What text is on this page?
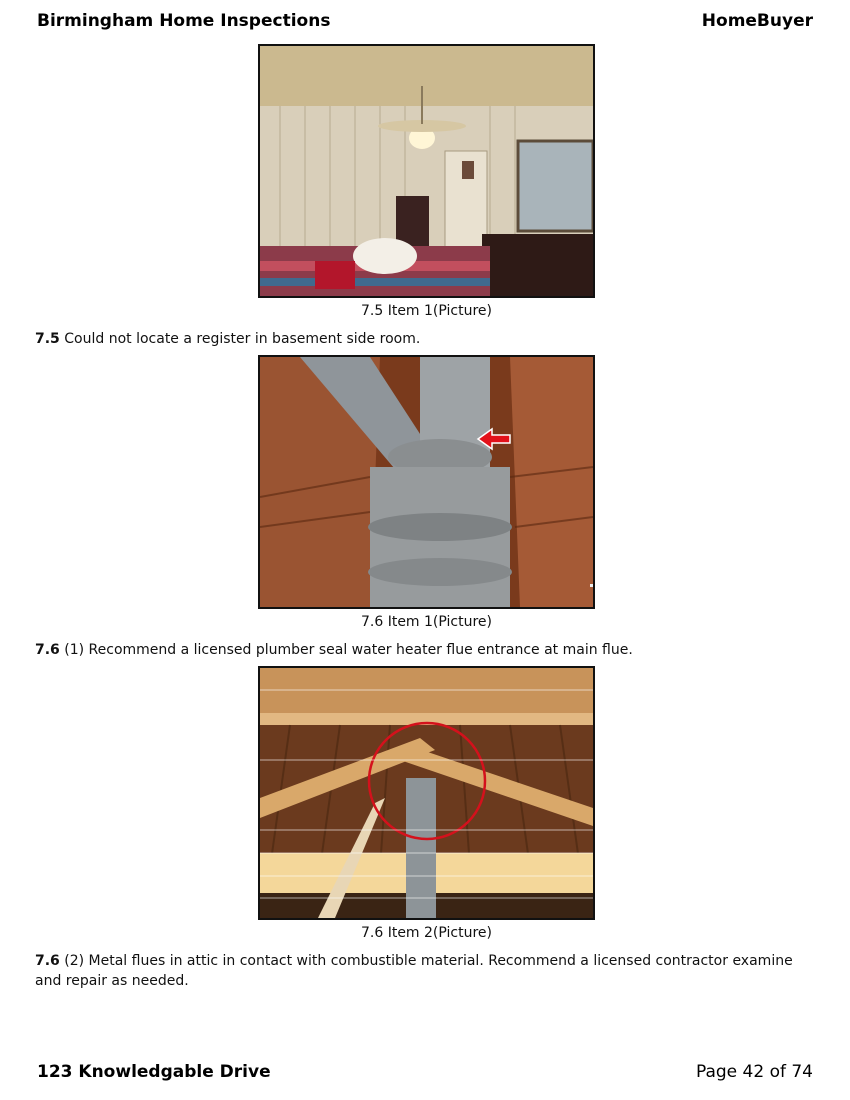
Birmingham Home Inspections	HomeBuyer
7.5 Item 1(Picture)
7.5 Could not locate a register in basement side room.
7.6 Item 1(Picture)
7.6 (1) Recommend a licensed plumber seal water heater flue entrance at main flue.
7.6 Item 2(Picture)
7.6 (2) Metal flues in attic in contact with combustible material. Recommend a licensed contractor examine and repair as needed.
123 Knowledgable Drive	Page 42 of 74
